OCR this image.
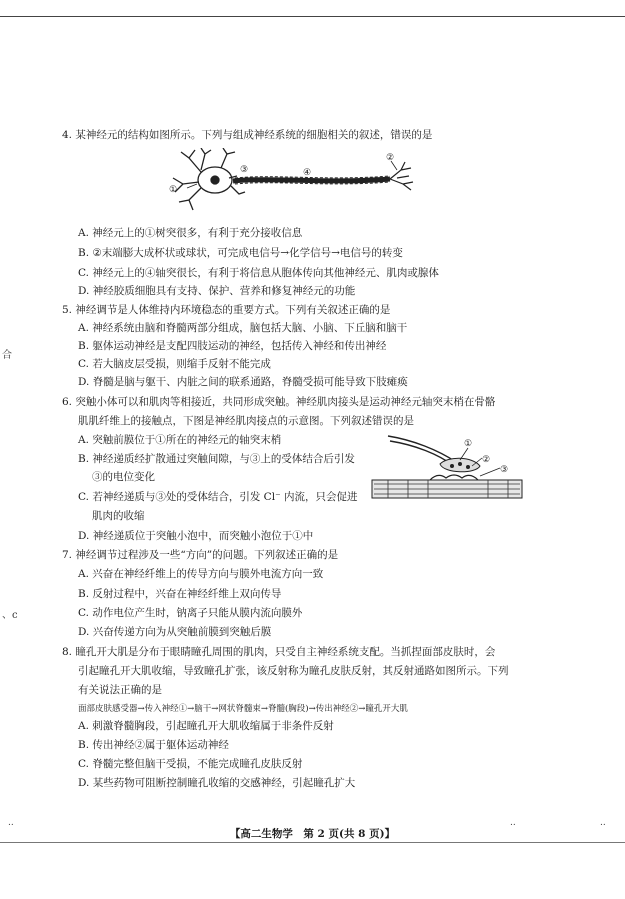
合
、c
4. 某神经元的结构如图所示。下列与组成神经系统的细胞相关的叙述，错误的是
①
②
③	④
A. 神经元上的①树突很多，有利于充分接收信息
B. ②末端膨大成杯状或球状，可完成电信号→化学信号→电信号的转变
C. 神经元上的④轴突很长，有利于将信息从胞体传向其他神经元、肌肉或腺体
D. 神经胶质细胞具有支持、保护、营养和修复神经元的功能
5. 神经调节是人体维持内环境稳态的重要方式。下列有关叙述正确的是
A. 神经系统由脑和脊髓两部分组成，脑包括大脑、小脑、下丘脑和脑干
B. 躯体运动神经是支配四肢运动的神经，包括传入神经和传出神经
C. 若大脑皮层受损，则缩手反射不能完成
D. 脊髓是脑与躯干、内脏之间的联系通路，脊髓受损可能导致下肢瘫痪
6. 突触小体可以和肌肉等相接近，共同形成突触。神经肌肉接头是运动神经元轴突末梢在骨骼
肌肌纤维上的接触点，下图是神经肌肉接点的示意图。下列叙述错误的是
A. 突触前膜位于①所在的神经元的轴突末梢
B. 神经递质经扩散通过突触间隙，与③上的受体结合后引发
③的电位变化
C. 若神经递质与③处的受体结合，引发 Cl⁻ 内流，只会促进
肌肉的收缩
D. 神经递质位于突触小泡中，而突触小泡位于①中
①
②
③
7. 神经调节过程涉及一些“方向”的问题。下列叙述正确的是
A. 兴奋在神经纤维上的传导方向与膜外电流方向一致
B. 反射过程中，兴奋在神经纤维上双向传导
C. 动作电位产生时，钠离子只能从膜内流向膜外
D. 兴奋传递方向为从突触前膜到突触后膜
8. 瞳孔开大肌是分布于眼睛瞳孔周围的肌肉，只受自主神经系统支配。当抓捏面部皮肤时，会
引起瞳孔开大肌收缩，导致瞳孔扩张，该反射称为瞳孔皮肤反射，其反射通路如图所示。下列
有关说法正确的是
面部皮肤感受器→传入神经①→脑干→网状脊髓束→脊髓(胸段)→传出神经②→瞳孔开大肌
A. 刺激脊髓胸段，引起瞳孔开大肌收缩属于非条件反射
B. 传出神经②属于躯体运动神经
C. 脊髓完整但脑干受损，不能完成瞳孔皮肤反射
D. 某些药物可阻断控制瞳孔收缩的交感神经，引起瞳孔扩大
【高二生物学　第 2 页(共 8 页)】
..	..	..
